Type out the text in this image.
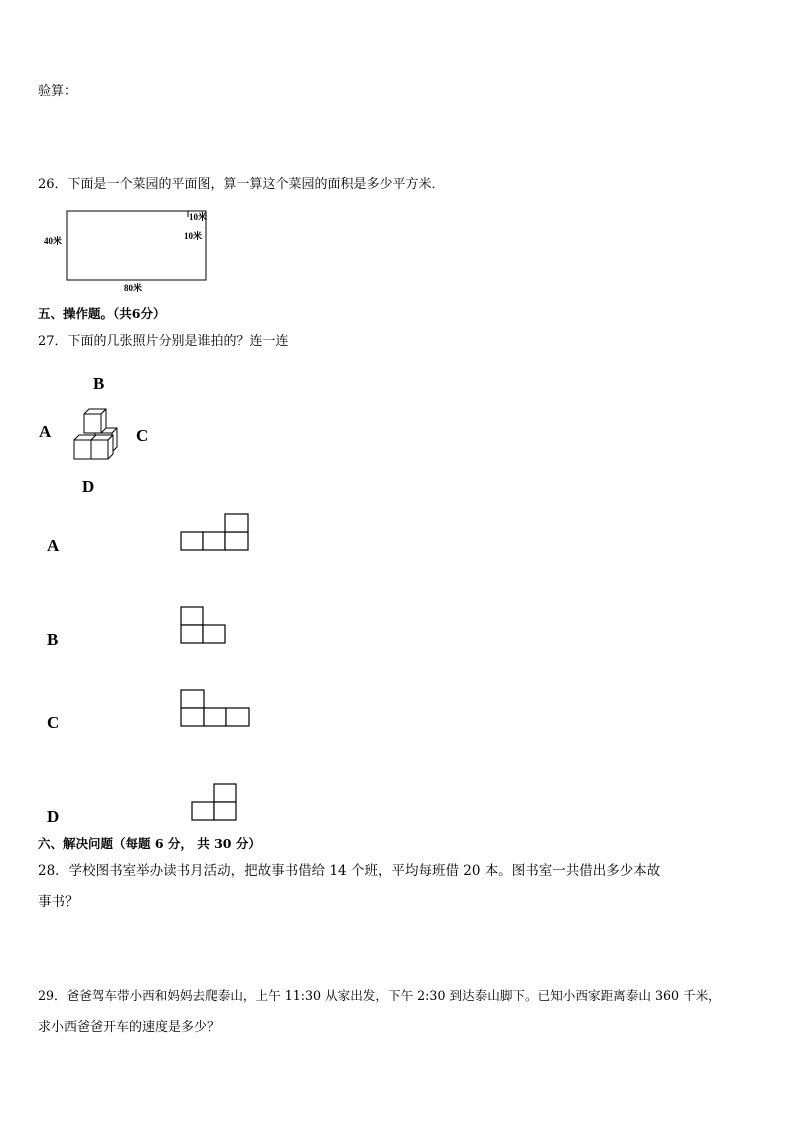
验算：
26．下面是一个菜园的平面图，算一算这个菜园的面积是多少平方米．
40米
10米
10米
80米
五、操作题。（共6分）
27．下面的几张照片分别是谁拍的？连一连
B
A	C
D
A
B
C
D
六、解决问题（每题 6 分， 共 30 分）
28．学校图书室举办读书月活动，把故事书借给 14 个班，平均每班借 20 本。图书室一共借出多少本故
事书？
29．爸爸驾车带小西和妈妈去爬泰山，上午 11:30 从家出发，下午 2:30 到达泰山脚下。已知小西家距离泰山 360 千米，
求小西爸爸开车的速度是多少？
